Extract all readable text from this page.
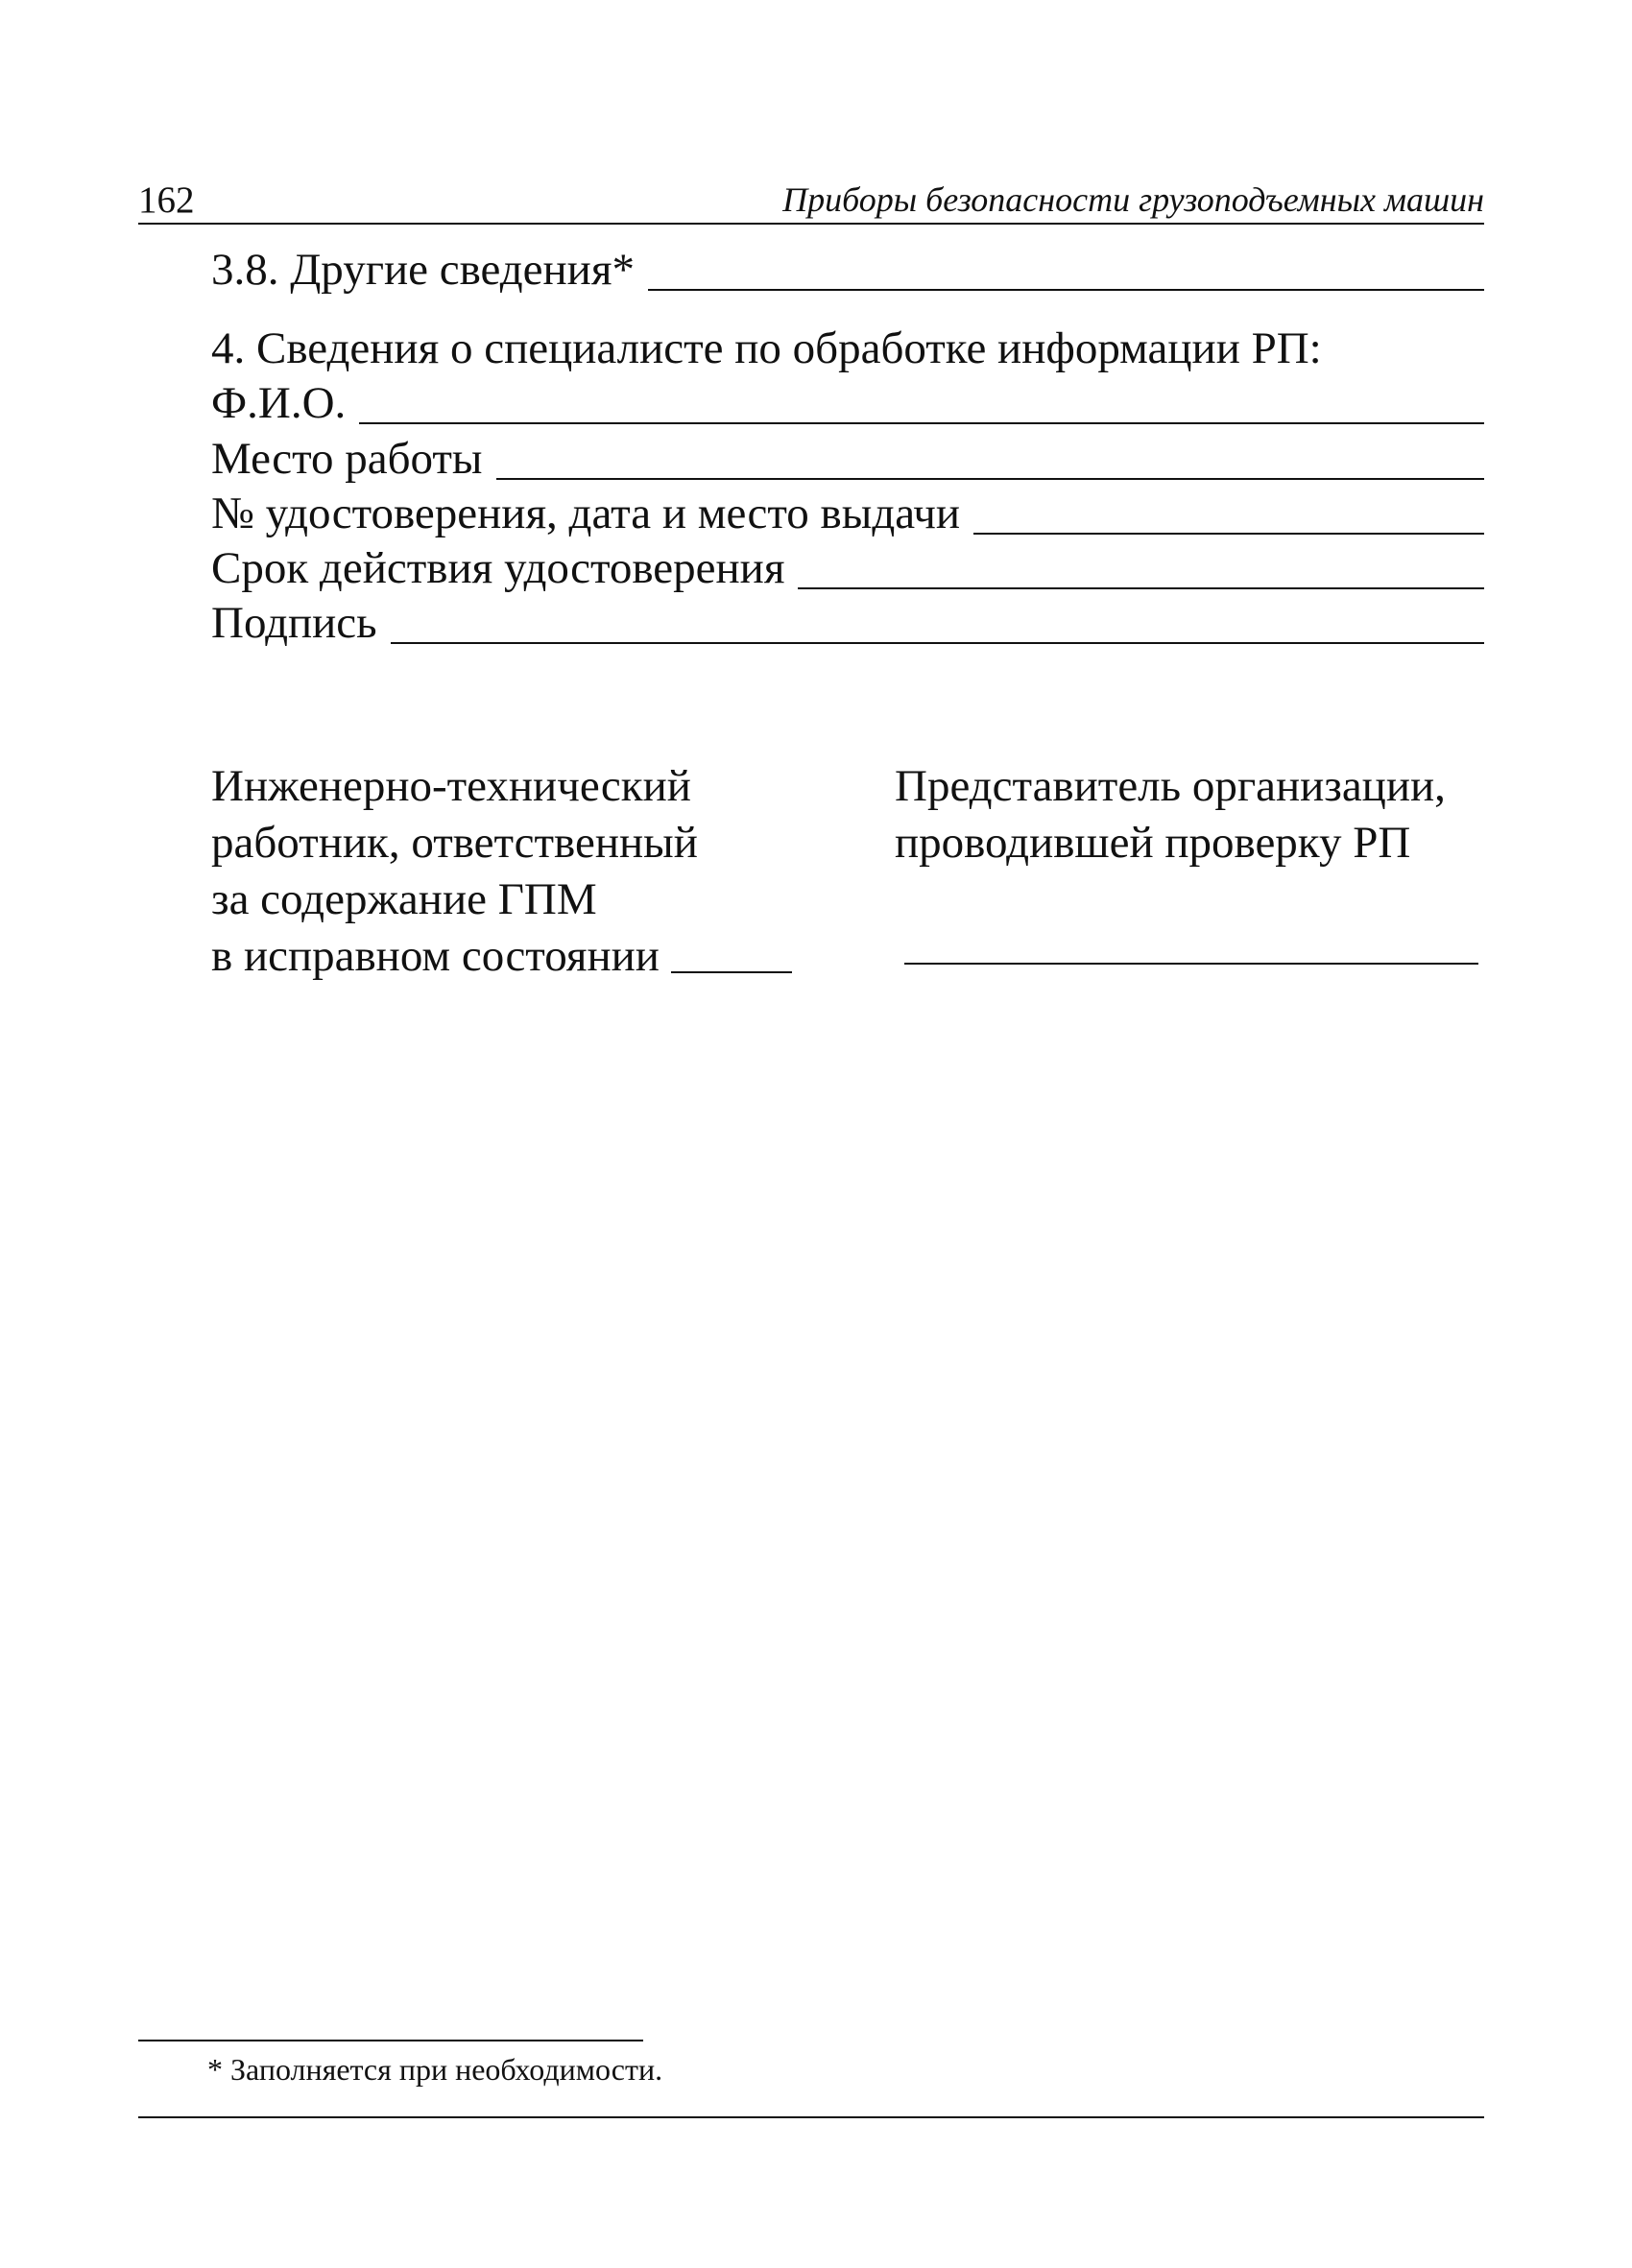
162	Приборы безопасности грузоподъемных машин
3.8. Другие сведения*
4. Сведения о специалисте по обработке информации РП:
Ф.И.О.
Место работы
№ удостоверения, дата и место выдачи
Срок действия удостоверения
Подпись
Инженерно-технический
работник, ответственный
за содержание ГПМ
в исправном состоянии
Представитель организации,
проводившей проверку РП
* Заполняется при необходимости.
